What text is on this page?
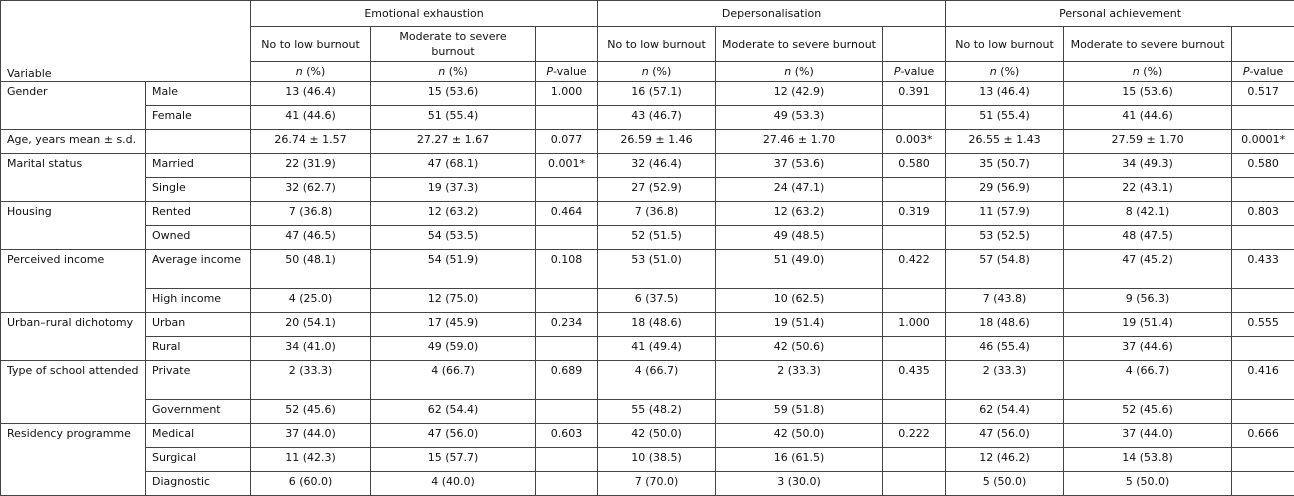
Variable		Emotional exhaustion			Depersonalisation			Personal achievement		
		No to low burnout	Moderate to severe burnout		No to low burnout	Moderate to severe burnout		No to low burnout	Moderate to severe burnout	
		n (%)	n (%)	P-value	n (%)	n (%)	P-value	n (%)	n (%)	P-value
Gender	Male	13 (46.4)	15 (53.6)	1.000	16 (57.1)	12 (42.9)	0.391	13 (46.4)	15 (53.6)	0.517
	Female	41 (44.6)	51 (55.4)		43 (46.7)	49 (53.3)		51 (55.4)	41 (44.6)	
Age, years mean ± s.d.		26.74 ± 1.57	27.27 ± 1.67	0.077	26.59 ± 1.46	27.46 ± 1.70	0.003*	26.55 ± 1.43	27.59 ± 1.70	0.0001*
Marital status	Married	22 (31.9)	47 (68.1)	0.001*	32 (46.4)	37 (53.6)	0.580	35 (50.7)	34 (49.3)	0.580
	Single	32 (62.7)	19 (37.3)		27 (52.9)	24 (47.1)		29 (56.9)	22 (43.1)	
Housing	Rented	7 (36.8)	12 (63.2)	0.464	7 (36.8)	12 (63.2)	0.319	11 (57.9)	8 (42.1)	0.803
	Owned	47 (46.5)	54 (53.5)		52 (51.5)	49 (48.5)		53 (52.5)	48 (47.5)	
Perceived income	Average income	50 (48.1)	54 (51.9)	0.108	53 (51.0)	51 (49.0)	0.422	57 (54.8)	47 (45.2)	0.433
	High income	4 (25.0)	12 (75.0)		6 (37.5)	10 (62.5)		7 (43.8)	9 (56.3)	
Urban–rural dichotomy	Urban	20 (54.1)	17 (45.9)	0.234	18 (48.6)	19 (51.4)	1.000	18 (48.6)	19 (51.4)	0.555
	Rural	34 (41.0)	49 (59.0)		41 (49.4)	42 (50.6)		46 (55.4)	37 (44.6)	
Type of school attended	Private	2 (33.3)	4 (66.7)	0.689	4 (66.7)	2 (33.3)	0.435	2 (33.3)	4 (66.7)	0.416
	Government	52 (45.6)	62 (54.4)		55 (48.2)	59 (51.8)		62 (54.4)	52 (45.6)	
Residency programme	Medical	37 (44.0)	47 (56.0)	0.603	42 (50.0)	42 (50.0)	0.222	47 (56.0)	37 (44.0)	0.666
	Surgical	11 (42.3)	15 (57.7)		10 (38.5)	16 (61.5)		12 (46.2)	14 (53.8)	
	Diagnostic	6 (60.0)	4 (40.0)		7 (70.0)	3 (30.0)		5 (50.0)	5 (50.0)	
